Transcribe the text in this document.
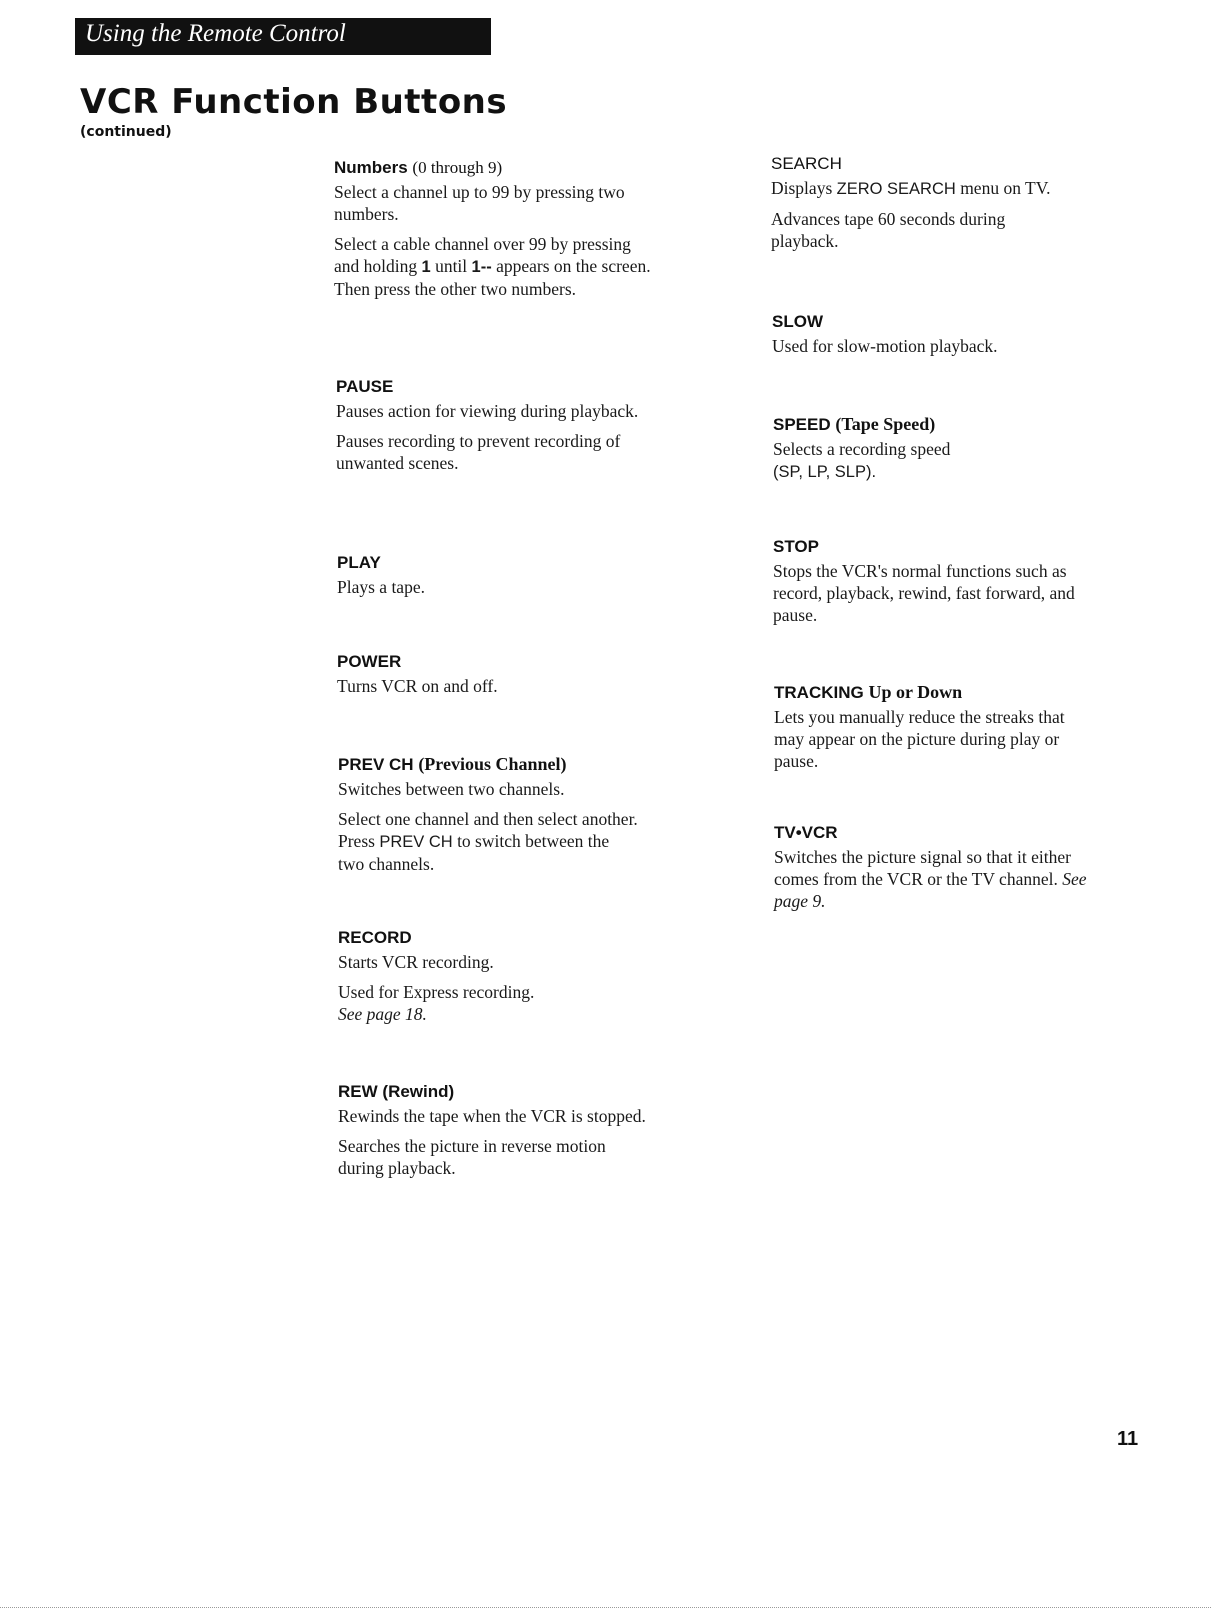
Using the Remote Control
VCR Function Buttons
(continued)
Numbers (0 through 9)

Select a channel up to 99 by pressing two numbers.

Select a cable channel over 99 by pressing and holding 1 until 1-- appears on the screen. Then press the other two numbers.

PAUSE

Pauses action for viewing during playback.

Pauses recording to prevent recording of unwanted scenes.

PLAY

Plays a tape.

POWER

Turns VCR on and off.

PREV CH (Previous Channel)

Switches between two channels.

Select one channel and then select another. Press PREV CH to switch between the two channels.

RECORD

Starts VCR recording.

Used for Express recording.
See page 18.

REW (Rewind)

Rewinds the tape when the VCR is stopped.

Searches the picture in reverse motion during playback.

SEARCH

Displays ZERO SEARCH menu on TV.

Advances tape 60 seconds during playback.

SLOW

Used for slow-motion playback.

SPEED (Tape Speed)

Selects a recording speed
(SP, LP, SLP).

STOP

Stops the VCR's normal functions such as record, playback, rewind, fast forward, and pause.

TRACKING Up or Down

Lets you manually reduce the streaks that may appear on the picture during play or pause.

TV•VCR

Switches the picture signal so that it either comes from the VCR or the TV channel. See page 9.

11
